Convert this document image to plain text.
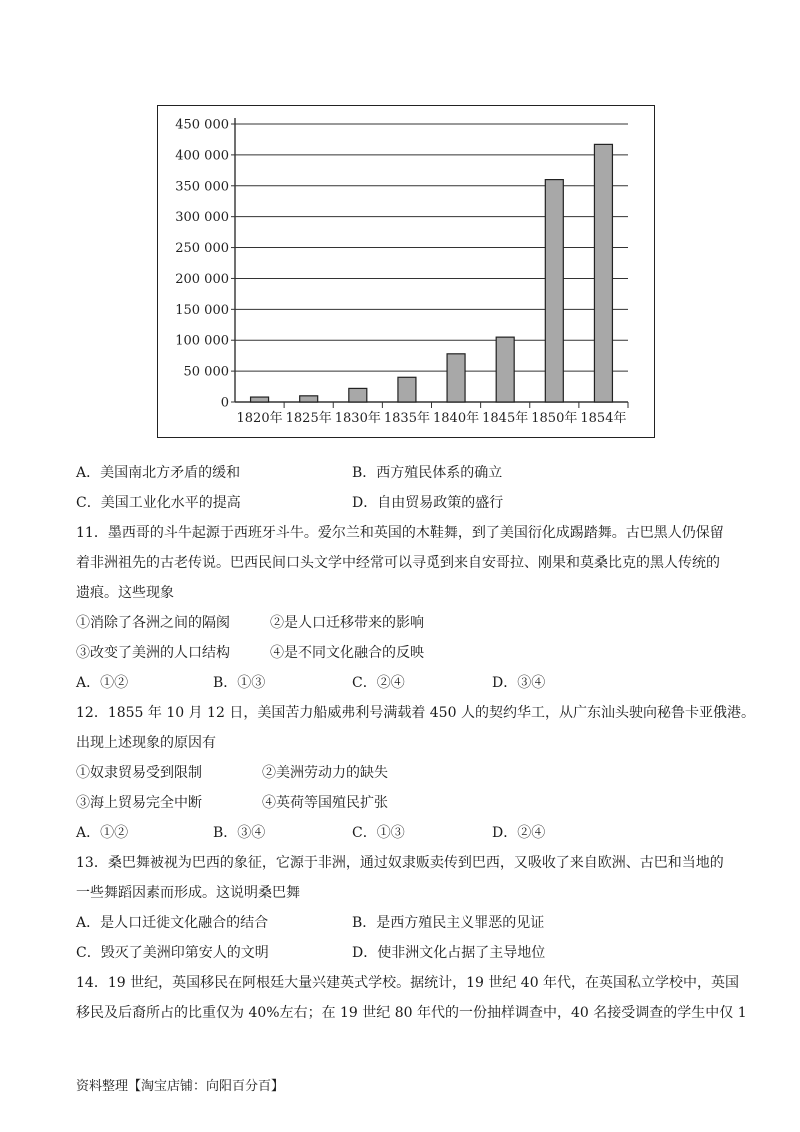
0
50 000
100 000
150 000
200 000
250 000
300 000
350 000
400 000
450 000
1820年 1825年 1830年 1835年 1840年 1845年 1850年 1854年
A．美国南北方矛盾的缓和	B．西方殖民体系的确立
C．美国工业化水平的提高	D．自由贸易政策的盛行
11．墨西哥的斗牛起源于西班牙斗牛。爱尔兰和英国的木鞋舞，到了美国衍化成踢踏舞。古巴黑人仍保留
着非洲祖先的古老传说。巴西民间口头文学中经常可以寻觅到来自安哥拉、刚果和莫桑比克的黑人传统的
遗痕。这些现象
①消除了各洲之间的隔阂	②是人口迁移带来的影响
③改变了美洲的人口结构	④是不同文化融合的反映
A．①②	B．①③	C．②④	D．③④
12．1855 年 10 月 12 日，美国苦力船威弗利号满载着 450 人的契约华工，从广东汕头驶向秘鲁卡亚俄港。
出现上述现象的原因有
①奴隶贸易受到限制	②美洲劳动力的缺失
③海上贸易完全中断	④英荷等国殖民扩张
A．①②	B．③④	C．①③	D．②④
13．桑巴舞被视为巴西的象征，它源于非洲，通过奴隶贩卖传到巴西，又吸收了来自欧洲、古巴和当地的
一些舞蹈因素而形成。这说明桑巴舞
A．是人口迁徙文化融合的结合	B．是西方殖民主义罪恶的见证
C．毁灭了美洲印第安人的文明	D．使非洲文化占据了主导地位
14．19 世纪，英国移民在阿根廷大量兴建英式学校。据统计，19 世纪 40 年代，在英国私立学校中，英国
移民及后裔所占的比重仅为 40%左右；在 19 世纪 80 年代的一份抽样调查中，40 名接受调查的学生中仅 1
资料整理【淘宝店铺：向阳百分百】
